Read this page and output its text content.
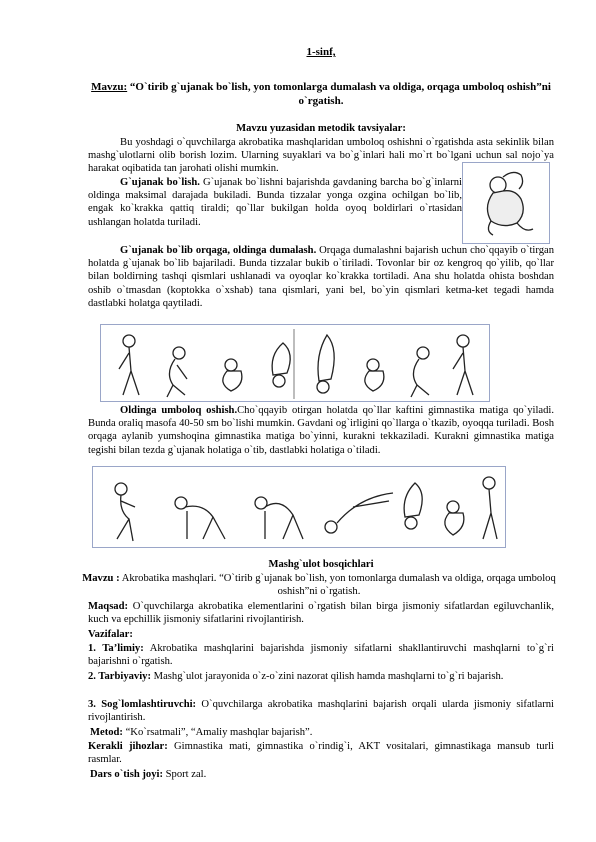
1-sinf,

Mavzu: “O`tirib g`ujanak bo`lish, yon tomonlarga dumalash va oldiga, orqaga umboloq oshish”ni o`rgatish.

Mavzu yuzasidan metodik tavsiyalar:

Bu yoshdagi o`quvchilarga akrobatika mashqlaridan umboloq oshishni o`rgatishda asta sekinlik bilan mashg`ulotlarni olib borish lozim. Ularning suyaklari va bo`g`inlari hali mo`rt bo`lgani uchun sal nojo`ya harakat oqibatida tan jarohati olishi mumkin.

G`ujanak bo`lish. G`ujanak bo`lishni bajarishda gavdaning barcha bo`g`inlarni oldinga maksimal darajada bukiladi. Bunda tizzalar yonga ozgina ochilgan bo`lib, engak ko`krakka qattiq tiraldi; qo`llar bukilgan holda oyoq boldirlari o`rtasidan ushlangan holatda turiladi.

G`ujanak bo`lib orqaga, oldinga dumalash. Orqaga dumalashni bajarish uchun cho`qqayib o`tirgan holatda g`ujanak bo`lib bajariladi. Bunda tizzalar bukib o`tiriladi. Tovonlar bir oz kengroq qo`yilib, qo`llar bilan boldirning tashqi qismlari ushlanadi va oyoqlar ko`krakka tortiladi. Ana shu holatda ohista boshdan oshib o`tmasdan (koptokka o`xshab) tana qismlari, yani bel, bo`yin qismlari ketma-ket tegadi hamda dastlabki holatga qaytiladi.

Oldinga umboloq oshish.Cho`qqayib otirgan holatda qo`llar kaftini gimnastika matiga qo`yiladi. Bunda oraliq masofa 40-50 sm bo`lishi mumkin. Gavdani og`irligini qo`llarga o`tkazib, oyoqqa turiladi. Bosh orqaga aylanib yumshoqina gimnastika matiga bo`yinni, kurakni tekkaziladi. Kurakni gimnastika matiga tegishi bilan tezda g`ujanak holatiga o`tib, dastlabki holatiga o`tiladi.

Mashg`ulot bosqichlari

Mavzu : Akrobatika mashqlari. “O`tirib g`ujanak bo`lish, yon tomonlarga dumalash va oldiga, orqaga umboloq oshish”ni o`rgatish.

Maqsad: O`quvchilarga akrobatika elementlarini o`rgatish bilan birga jismoniy sifatlardan egiluvchanlik, kuch va epchillik jismoniy sifatlarini rivojlantirish.

Vazifalar:

1. Ta’limiy: Akrobatika mashqlarini bajarishda jismoniy sifatlarni shakllantiruvchi mashqlarni to`g`ri bajarishni o`rgatish.

2. Tarbiyaviy: Mashg`ulot jarayonida o`z-o`zini nazorat qilish hamda mashqlarni to`g`ri bajarish.

3. Sog`lomlashtiruvchi: O`quvchilarga akrobatika mashqlarini bajarish orqali ularda jismoniy sifatlarni rivojlantirish.

Metod: “Ko`rsatmali”, “Amaliy mashqlar bajarish”.

Kerakli jihozlar: Gimnastika mati, gimnastika o`rindig`i, AKT vositalari, gimnastikaga mansub turli rasmlar.

Dars o`tish joyi: Sport zal.
